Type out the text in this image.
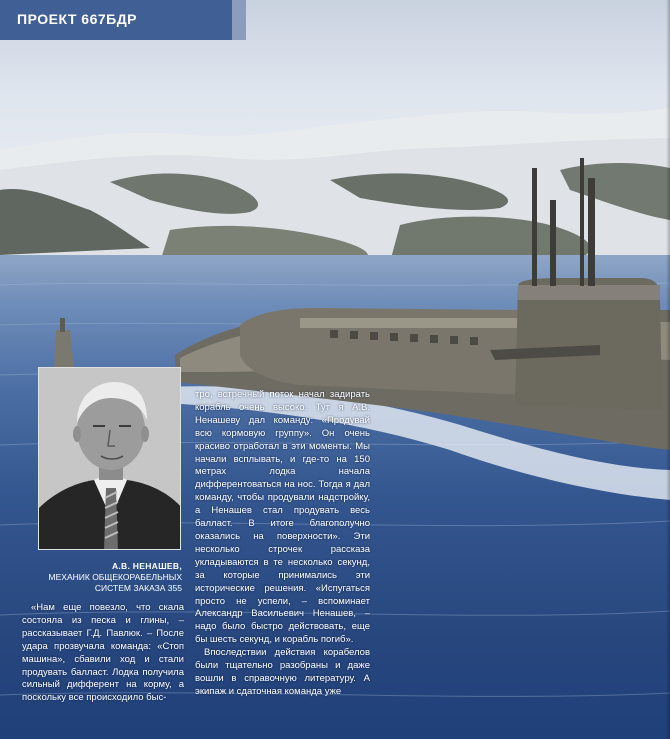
ПРОЕКТ 667БДР
А.В. НЕНАШЕВ,
МЕХАНИК ОБЩЕКОРАБЕЛЬНЫХ
СИСТЕМ ЗАКАЗА 355

«Нам еще повезло, что скала состояла из песка и глины, – рассказывает Г.Д. Павлюк. – После удара прозвучала команда: «Стоп машина», сбавили ход и стали продувать балласт. Лодка получила сильный дифферент на корму, а поскольку все происходило быс-

тро, встречный поток начал задирать корабль очень высоко. Тут я А.В. Ненашеву дал команду: «Продувай всю кормовую группу». Он очень красиво отработал в эти моменты. Мы начали всплывать, и где-то на 150 метрах лодка начала дифферентоваться на нос. Тогда я дал команду, чтобы продували надстройку, а Ненашев стал продувать весь балласт. В итоге благополучно оказались на поверхности». Эти несколько строчек рассказа укладываются в те несколько секунд, за которые принимались эти исторические решения. «Испугаться просто не успели, – вспоминает Александр Васильевич Ненашев, – надо было быстро действовать, еще бы шесть секунд, и корабль погиб».

Впоследствии действия корабелов были тщательно разобраны и даже вошли в справочную литературу. А экипаж и сдаточная команда уже
